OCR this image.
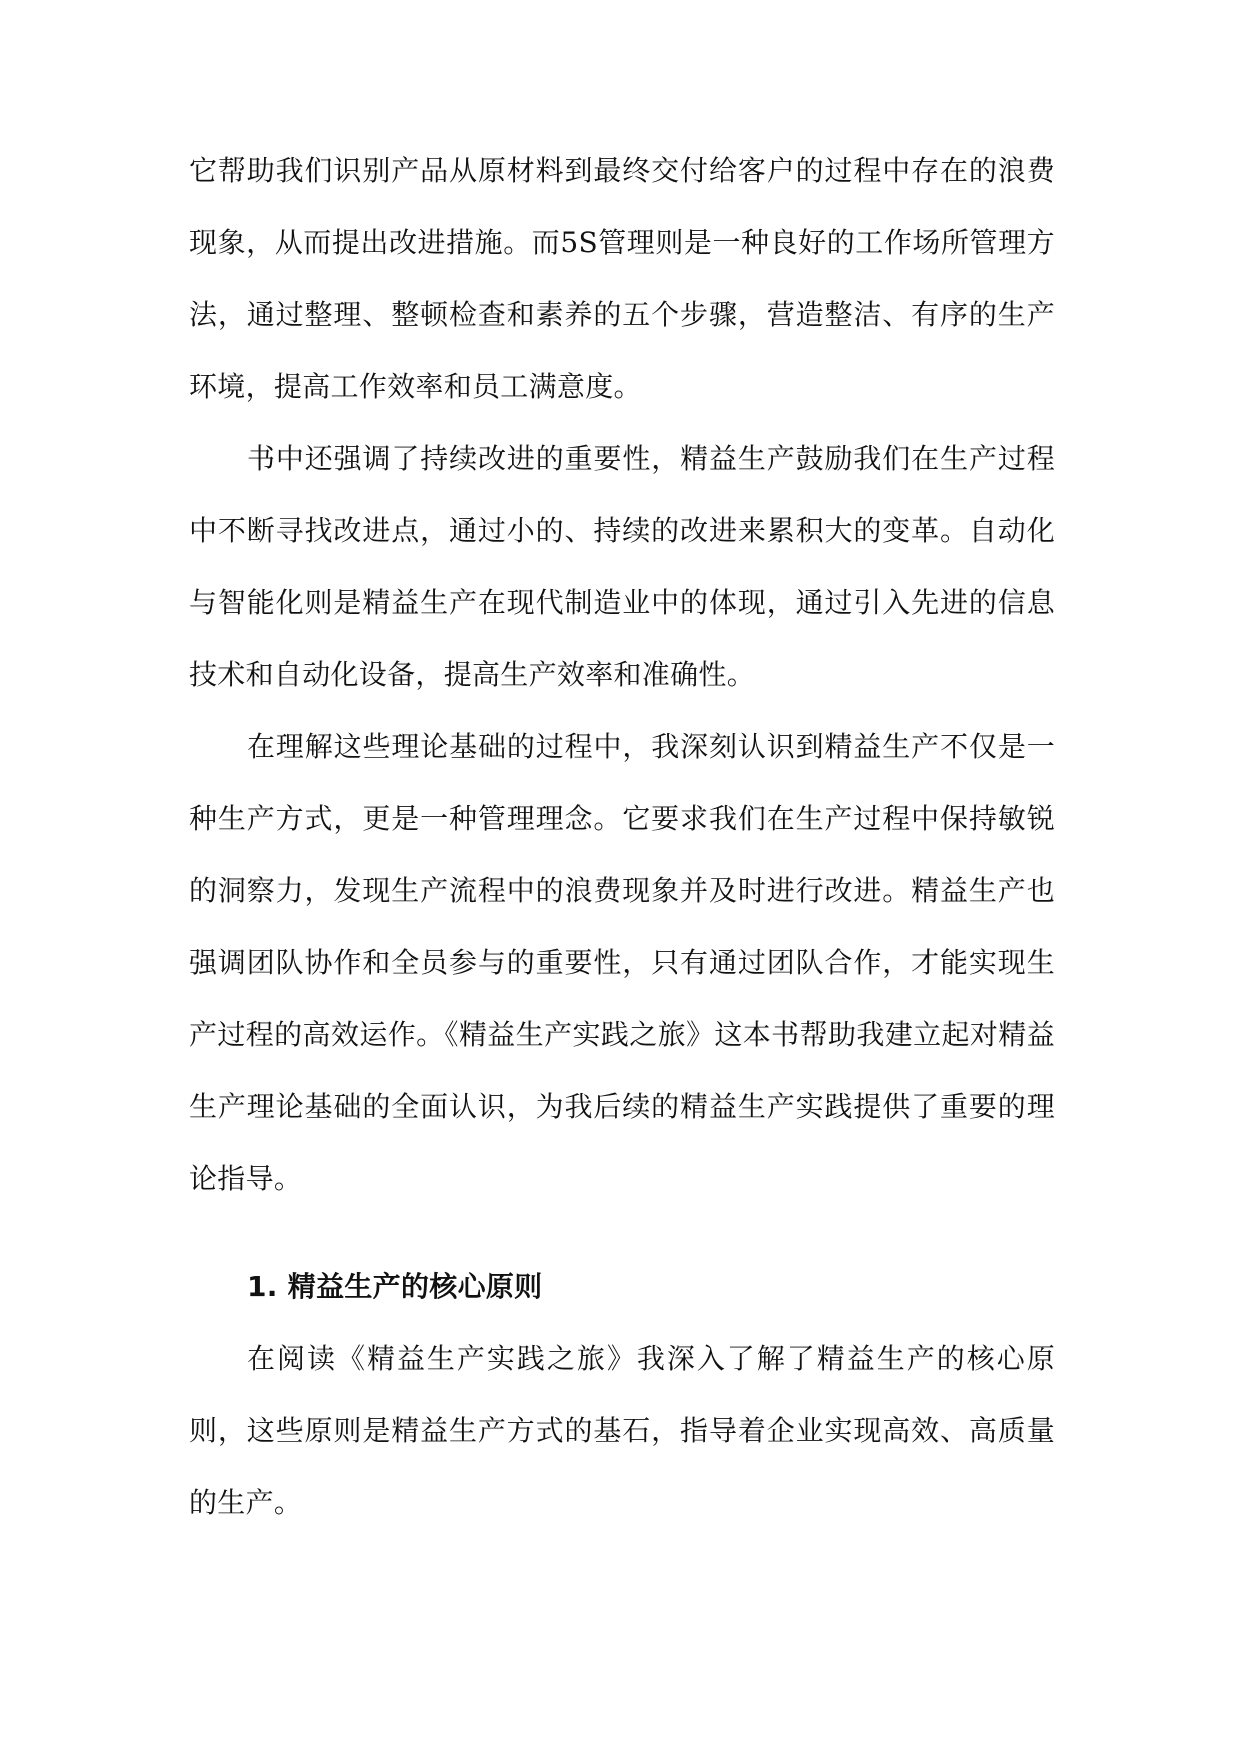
它帮助我们识别产品从原材料到最终交付给客户的过程中存在的浪费现象，从而提出改进措施。而5S管理则是一种良好的工作场所管理方法，通过整理、整顿检查和素养的五个步骤，营造整洁、有序的生产环境，提高工作效率和员工满意度。

书中还强调了持续改进的重要性，精益生产鼓励我们在生产过程中不断寻找改进点，通过小的、持续的改进来累积大的变革。自动化与智能化则是精益生产在现代制造业中的体现，通过引入先进的信息技术和自动化设备，提高生产效率和准确性。

在理解这些理论基础的过程中，我深刻认识到精益生产不仅是一种生产方式，更是一种管理理念。它要求我们在生产过程中保持敏锐的洞察力，发现生产流程中的浪费现象并及时进行改进。精益生产也强调团队协作和全员参与的重要性，只有通过团队合作，才能实现生产过程的高效运作。《精益生产实践之旅》这本书帮助我建立起对精益生产理论基础的全面认识，为我后续的精益生产实践提供了重要的理论指导。

1. 精益生产的核心原则

在阅读《精益生产实践之旅》我深入了解了精益生产的核心原则，这些原则是精益生产方式的基石，指导着企业实现高效、高质量的生产。
